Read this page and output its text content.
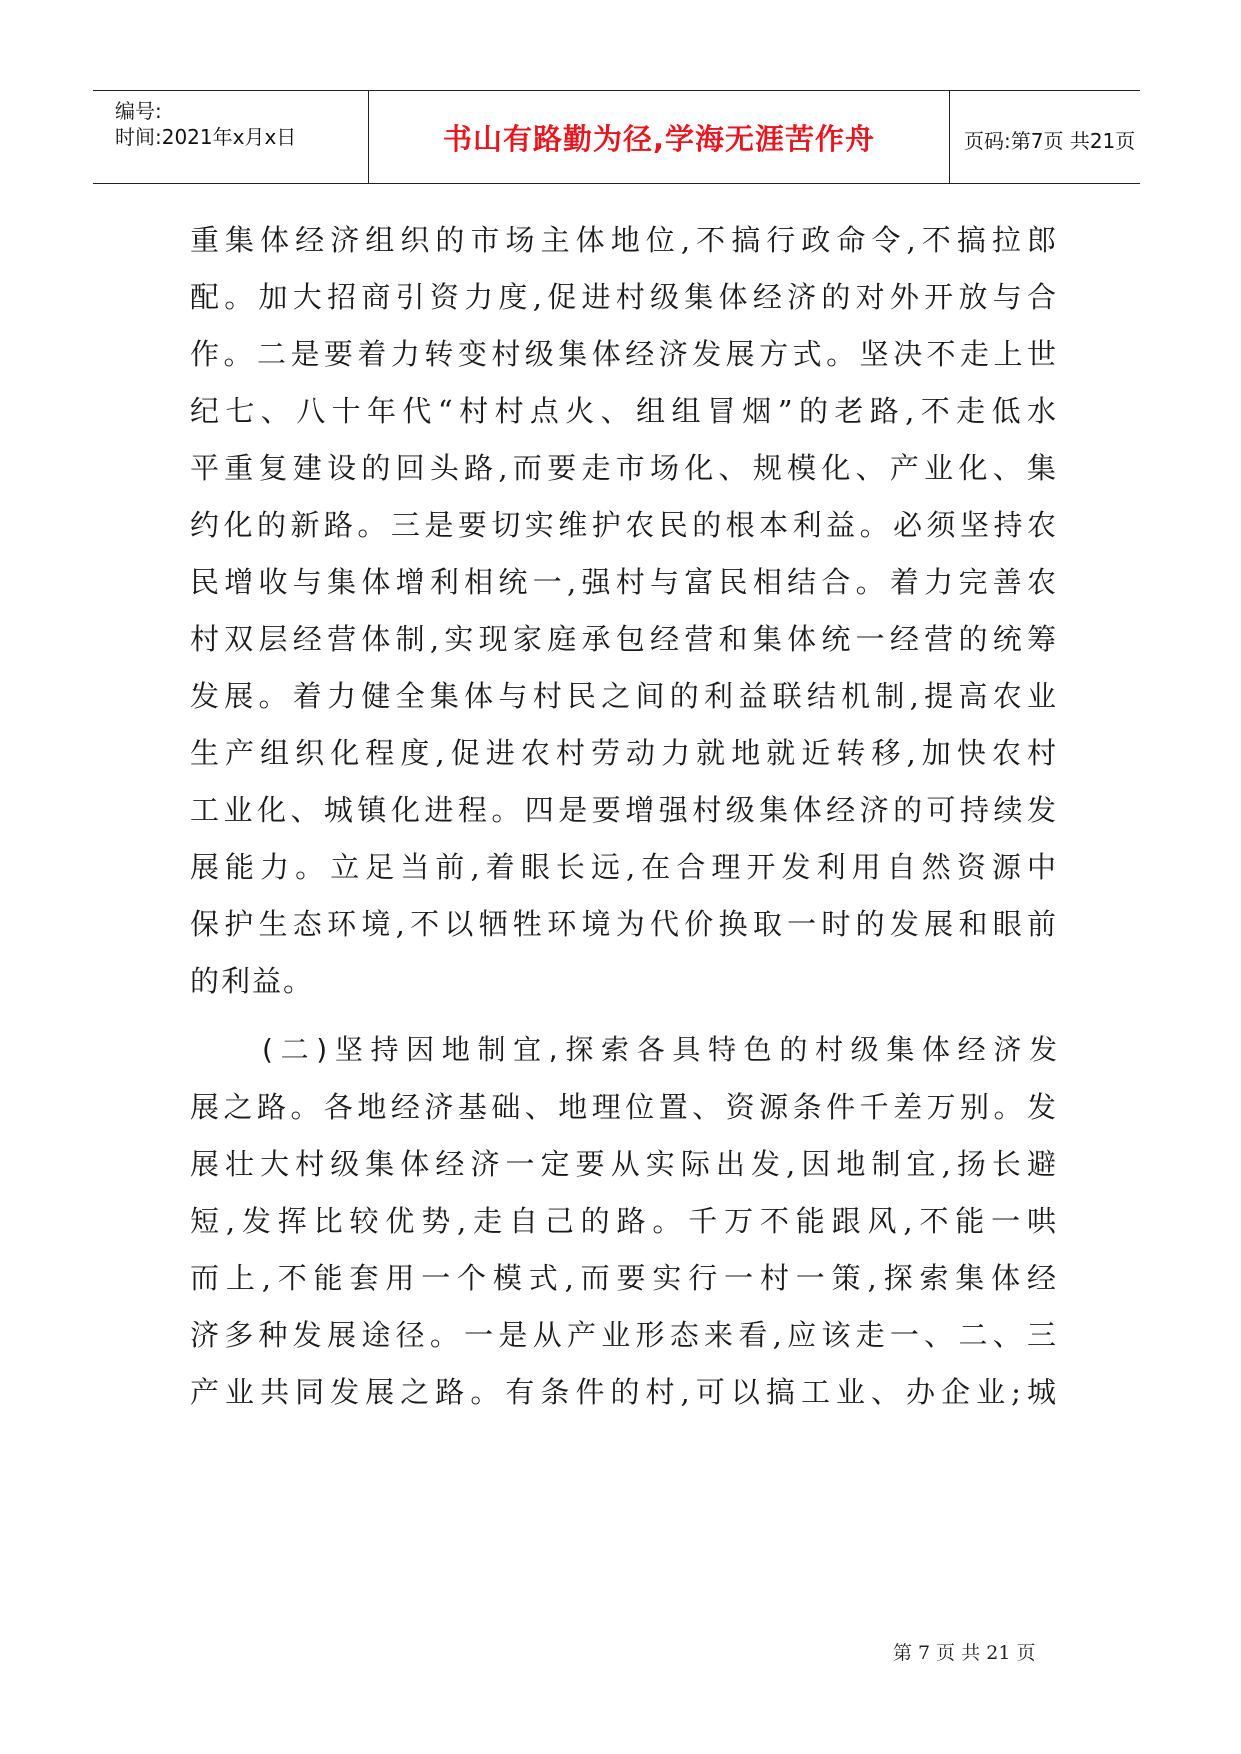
编号:
时间:2021年x月x日	书山有路勤为径,学海无涯苦作舟	页码:第7页 共21页
重集体经济组织的市场主体地位,不搞行政命令,不搞拉郎
配。加大招商引资力度,促进村级集体经济的对外开放与合
作。二是要着力转变村级集体经济发展方式。坚决不走上世
纪七、八十年代“村村点火、组组冒烟”的老路,不走低水
平重复建设的回头路,而要走市场化、规模化、产业化、集
约化的新路。三是要切实维护农民的根本利益。必须坚持农
民增收与集体增利相统一,强村与富民相结合。着力完善农
村双层经营体制,实现家庭承包经营和集体统一经营的统筹
发展。着力健全集体与村民之间的利益联结机制,提高农业
生产组织化程度,促进农村劳动力就地就近转移,加快农村
工业化、城镇化进程。四是要增强村级集体经济的可持续发
展能力。立足当前,着眼长远,在合理开发利用自然资源中
保护生态环境,不以牺牲环境为代价换取一时的发展和眼前
的利益。
(二)坚持因地制宜,探索各具特色的村级集体经济发
展之路。各地经济基础、地理位置、资源条件千差万别。发
展壮大村级集体经济一定要从实际出发,因地制宜,扬长避
短,发挥比较优势,走自己的路。千万不能跟风,不能一哄
而上,不能套用一个模式,而要实行一村一策,探索集体经
济多种发展途径。一是从产业形态来看,应该走一、二、三
产业共同发展之路。有条件的村,可以搞工业、办企业;城
第 7 页 共 21 页
